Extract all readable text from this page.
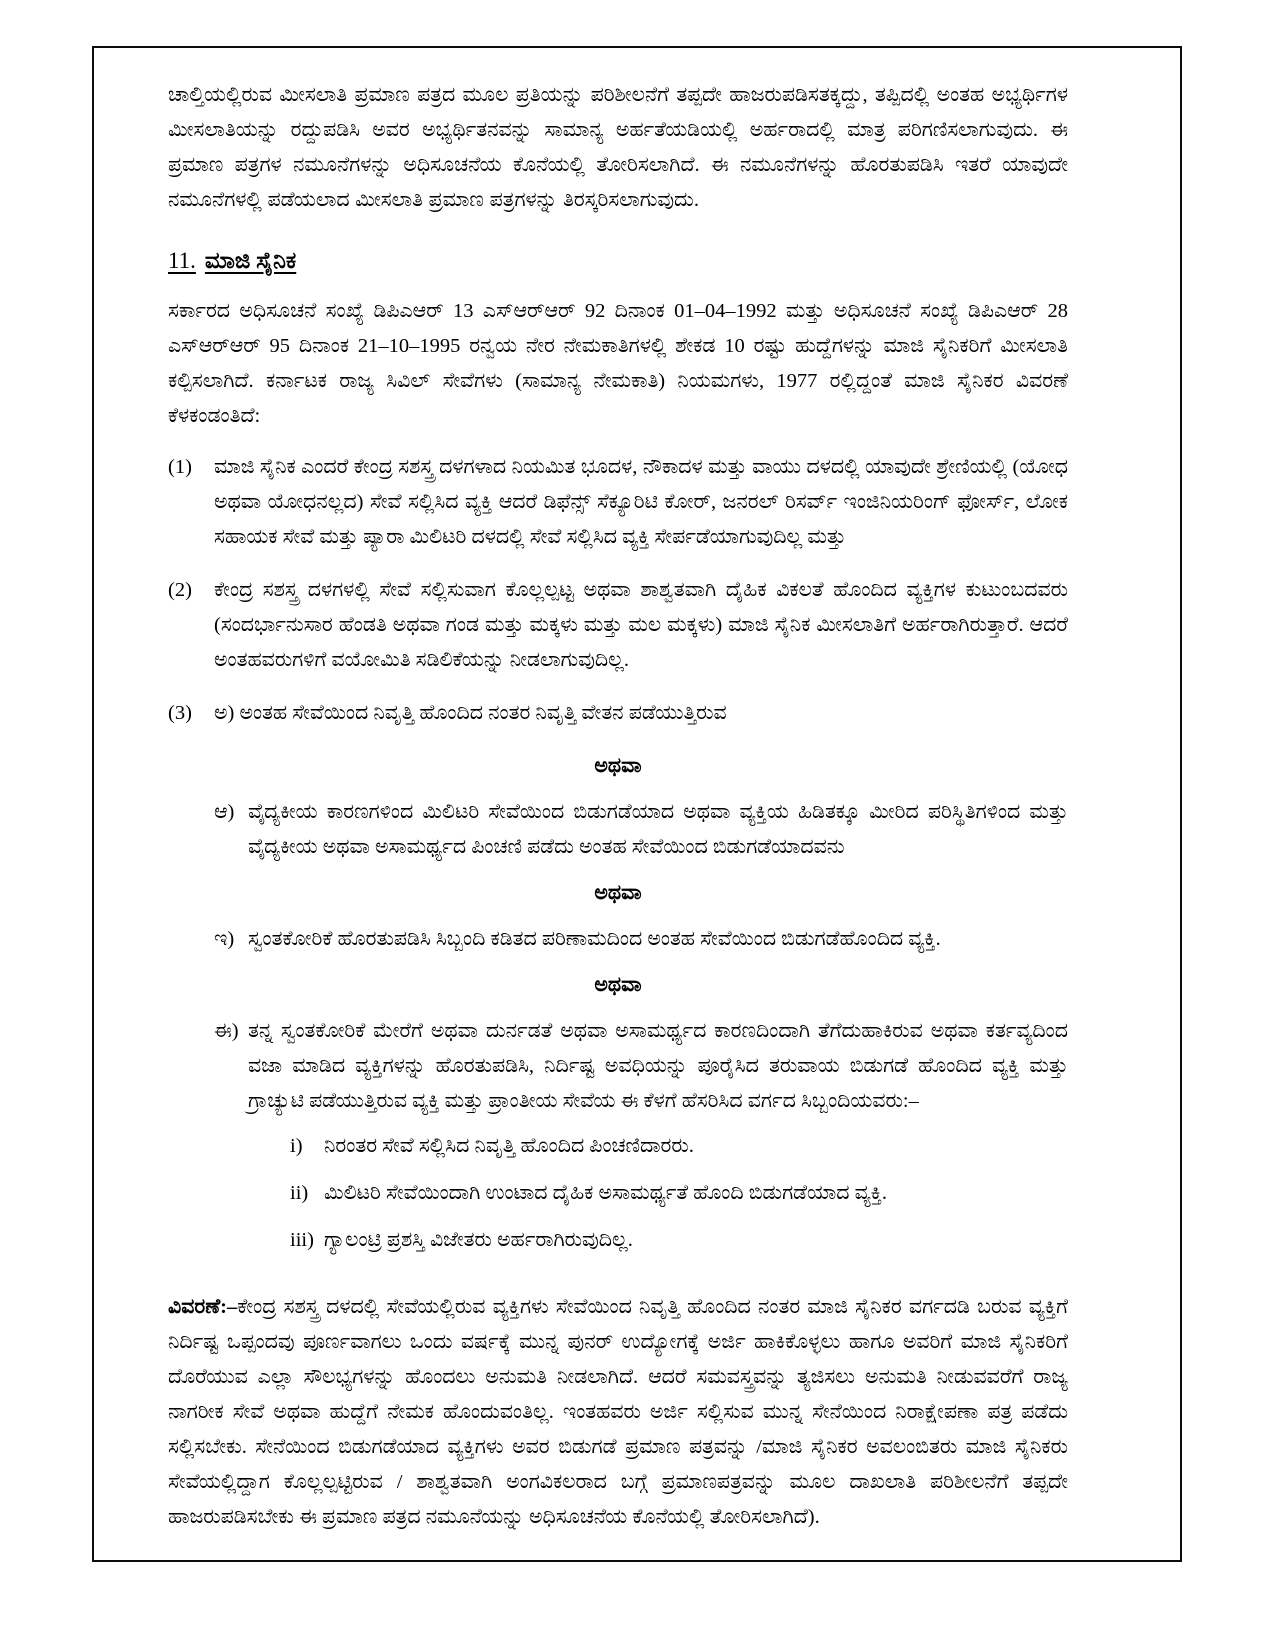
ಚಾಲ್ತಿಯಲ್ಲಿರುವ ಮೀಸಲಾತಿ ಪ್ರಮಾಣ ಪತ್ರದ ಮೂಲ ಪ್ರತಿಯನ್ನು ಪರಿಶೀಲನೆಗೆ ತಪ್ಪದೇ ಹಾಜರುಪಡಿಸತಕ್ಕದ್ದು, ತಪ್ಪಿದಲ್ಲಿ ಅಂತಹ ಅಭ್ಯರ್ಥಿಗಳ ಮೀಸಲಾತಿಯನ್ನು ರದ್ದುಪಡಿಸಿ ಅವರ ಅಭ್ಯರ್ಥಿತನವನ್ನು ಸಾಮಾನ್ಯ ಅರ್ಹತೆಯಡಿಯಲ್ಲಿ ಅರ್ಹರಾದಲ್ಲಿ ಮಾತ್ರ ಪರಿಗಣಿಸಲಾಗುವುದು. ಈ ಪ್ರಮಾಣ ಪತ್ರಗಳ ನಮೂನೆಗಳನ್ನು ಅಧಿಸೂಚನೆಯ ಕೊನೆಯಲ್ಲಿ ತೋರಿಸಲಾಗಿದೆ. ಈ ನಮೂನೆಗಳನ್ನು ಹೊರತುಪಡಿಸಿ ಇತರೆ ಯಾವುದೇ ನಮೂನೆಗಳಲ್ಲಿ ಪಡೆಯಲಾದ ಮೀಸಲಾತಿ ಪ್ರಮಾಣ ಪತ್ರಗಳನ್ನು ತಿರಸ್ಕರಿಸಲಾಗುವುದು.

11. ಮಾಜಿ ಸೈನಿಕ

ಸರ್ಕಾರದ ಅಧಿಸೂಚನೆ ಸಂಖ್ಯೆ ಡಿಪಿಎಆರ್ 13 ಎಸ್‌ಆರ್‌ಆರ್ 92 ದಿನಾಂಕ 01–04–1992 ಮತ್ತು ಅಧಿಸೂಚನೆ ಸಂಖ್ಯೆ ಡಿಪಿಎಆರ್ 28 ಎಸ್‌ಆರ್‌ಆರ್ 95 ದಿನಾಂಕ 21–10–1995 ರನ್ವಯ ನೇರ ನೇಮಕಾತಿಗಳಲ್ಲಿ ಶೇಕಡ 10 ರಷ್ಟು ಹುದ್ದೆಗಳನ್ನು ಮಾಜಿ ಸೈನಿಕರಿಗೆ ಮೀಸಲಾತಿ ಕಲ್ಪಿಸಲಾಗಿದೆ. ಕರ್ನಾಟಕ ರಾಜ್ಯ ಸಿವಿಲ್ ಸೇವೆಗಳು (ಸಾಮಾನ್ಯ ನೇಮಕಾತಿ) ನಿಯಮಗಳು, 1977 ರಲ್ಲಿದ್ದಂತೆ ಮಾಜಿ ಸೈನಿಕರ ವಿವರಣೆ ಕೆಳಕಂಡಂತಿದೆ:

(1)	ಮಾಜಿ ಸೈನಿಕ ಎಂದರೆ ಕೇಂದ್ರ ಸಶಸ್ತ್ರ ದಳಗಳಾದ ನಿಯಮಿತ ಭೂದಳ, ನೌಕಾದಳ ಮತ್ತು ವಾಯು ದಳದಲ್ಲಿ ಯಾವುದೇ ಶ್ರೇಣಿಯಲ್ಲಿ (ಯೋಧ ಅಥವಾ ಯೋಧನಲ್ಲದ) ಸೇವೆ ಸಲ್ಲಿಸಿದ ವ್ಯಕ್ತಿ ಆದರೆ ಡಿಫೆನ್ಸ್ ಸೆಕ್ಯೂರಿಟಿ ಕೋರ್, ಜನರಲ್ ರಿಸರ್ವ್ ಇಂಜಿನಿಯರಿಂಗ್ ಫೋರ್ಸ್, ಲೋಕ ಸಹಾಯಕ ಸೇವೆ ಮತ್ತು ಪ್ಯಾರಾ ಮಿಲಿಟರಿ ದಳದಲ್ಲಿ ಸೇವೆ ಸಲ್ಲಿಸಿದ ವ್ಯಕ್ತಿ ಸೇರ್ಪಡೆಯಾಗುವುದಿಲ್ಲ ಮತ್ತು
(2)	ಕೇಂದ್ರ ಸಶಸ್ತ್ರ ದಳಗಳಲ್ಲಿ ಸೇವೆ ಸಲ್ಲಿಸುವಾಗ ಕೊಲ್ಲಲ್ಪಟ್ಟ ಅಥವಾ ಶಾಶ್ವತವಾಗಿ ದೈಹಿಕ ವಿಕಲತೆ ಹೊಂದಿದ ವ್ಯಕ್ತಿಗಳ ಕುಟುಂಬದವರು (ಸಂದರ್ಭಾನುಸಾರ ಹೆಂಡತಿ ಅಥವಾ ಗಂಡ ಮತ್ತು ಮಕ್ಕಳು ಮತ್ತು ಮಲ ಮಕ್ಕಳು) ಮಾಜಿ ಸೈನಿಕ ಮೀಸಲಾತಿಗೆ ಅರ್ಹರಾಗಿರುತ್ತಾರೆ. ಆದರೆ ಅಂತಹವರುಗಳಿಗೆ ವಯೋಮಿತಿ ಸಡಿಲಿಕೆಯನ್ನು ನೀಡಲಾಗುವುದಿಲ್ಲ.
(3)	ಅ) ಅಂತಹ ಸೇವೆಯಿಂದ ನಿವೃತ್ತಿ ಹೊಂದಿದ ನಂತರ ನಿವೃತ್ತಿ ವೇತನ ಪಡೆಯುತ್ತಿರುವ
ಅಥವಾ
ಆ) ವೈದ್ಯಕೀಯ ಕಾರಣಗಳಿಂದ ಮಿಲಿಟರಿ ಸೇವೆಯಿಂದ ಬಿಡುಗಡೆಯಾದ ಅಥವಾ ವ್ಯಕ್ತಿಯ ಹಿಡಿತಕ್ಕೂ ಮೀರಿದ ಪರಿಸ್ಥಿತಿಗಳಿಂದ ಮತ್ತು ವೈದ್ಯಕೀಯ ಅಥವಾ ಅಸಾಮರ್ಥ್ಯದ ಪಿಂಚಣಿ ಪಡೆದು ಅಂತಹ ಸೇವೆಯಿಂದ ಬಿಡುಗಡೆಯಾದವನು
ಅಥವಾ
ಇ) ಸ್ವಂತಕೋರಿಕೆ ಹೊರತುಪಡಿಸಿ ಸಿಬ್ಬಂದಿ ಕಡಿತದ ಪರಿಣಾಮದಿಂದ ಅಂತಹ ಸೇವೆಯಿಂದ ಬಿಡುಗಡೆಹೊಂದಿದ ವ್ಯಕ್ತಿ.
ಅಥವಾ
ಈ) ತನ್ನ ಸ್ವಂತಕೋರಿಕೆ ಮೇರೆಗೆ ಅಥವಾ ದುರ್ನಡತೆ ಅಥವಾ ಅಸಾಮರ್ಥ್ಯದ ಕಾರಣದಿಂದಾಗಿ ತೆಗೆದುಹಾಕಿರುವ ಅಥವಾ ಕರ್ತವ್ಯದಿಂದ ವಜಾ ಮಾಡಿದ ವ್ಯಕ್ತಿಗಳನ್ನು ಹೊರತುಪಡಿಸಿ, ನಿರ್ದಿಷ್ಟ ಅವಧಿಯನ್ನು ಪೂರೈಸಿದ ತರುವಾಯ ಬಿಡುಗಡೆ ಹೊಂದಿದ ವ್ಯಕ್ತಿ ಮತ್ತು ಗ್ರಾಚ್ಯುಟಿ ಪಡೆಯುತ್ತಿರುವ ವ್ಯಕ್ತಿ ಮತ್ತು ಪ್ರಾಂತೀಯ ಸೇವೆಯ ಈ ಕೆಳಗೆ ಹೆಸರಿಸಿದ ವರ್ಗದ ಸಿಬ್ಬಂದಿಯವರು:–
i)	ನಿರಂತರ ಸೇವೆ ಸಲ್ಲಿಸಿದ ನಿವೃತ್ತಿ ಹೊಂದಿದ ಪಿಂಚಣಿದಾರರು.
ii) ಮಿಲಿಟರಿ ಸೇವೆಯಿಂದಾಗಿ ಉಂಟಾದ ದೈಹಿಕ ಅಸಾಮರ್ಥ್ಯತೆ ಹೊಂದಿ ಬಿಡುಗಡೆಯಾದ ವ್ಯಕ್ತಿ.
iii) ಗ್ಯಾಲಂಟ್ರಿ ಪ್ರಶಸ್ತಿ ವಿಜೇತರು ಅರ್ಹರಾಗಿರುವುದಿಲ್ಲ.

ವಿವರಣೆ:–ಕೇಂದ್ರ ಸಶಸ್ತ್ರ ದಳದಲ್ಲಿ ಸೇವೆಯಲ್ಲಿರುವ ವ್ಯಕ್ತಿಗಳು ಸೇವೆಯಿಂದ ನಿವೃತ್ತಿ ಹೊಂದಿದ ನಂತರ ಮಾಜಿ ಸೈನಿಕರ ವರ್ಗದಡಿ ಬರುವ ವ್ಯಕ್ತಿಗೆ ನಿರ್ದಿಷ್ಟ ಒಪ್ಪಂದವು ಪೂರ್ಣವಾಗಲು ಒಂದು ವರ್ಷಕ್ಕೆ ಮುನ್ನ ಪುನರ್ ಉದ್ಯೋಗಕ್ಕೆ ಅರ್ಜಿ ಹಾಕಿಕೊಳ್ಳಲು ಹಾಗೂ ಅವರಿಗೆ ಮಾಜಿ ಸೈನಿಕರಿಗೆ ದೊರೆಯುವ ಎಲ್ಲಾ ಸೌಲಭ್ಯಗಳನ್ನು ಹೊಂದಲು ಅನುಮತಿ ನೀಡಲಾಗಿದೆ. ಆದರೆ ಸಮವಸ್ತ್ರವನ್ನು ತ್ಯಜಿಸಲು ಅನುಮತಿ ನೀಡುವವರೆಗೆ ರಾಜ್ಯ ನಾಗರೀಕ ಸೇವೆ ಅಥವಾ ಹುದ್ದೆಗೆ ನೇಮಕ ಹೊಂದುವಂತಿಲ್ಲ. ಇಂತಹವರು ಅರ್ಜಿ ಸಲ್ಲಿಸುವ ಮುನ್ನ ಸೇನೆಯಿಂದ ನಿರಾಕ್ಷೇಪಣಾ ಪತ್ರ ಪಡೆದು ಸಲ್ಲಿಸಬೇಕು. ಸೇನೆಯಿಂದ ಬಿಡುಗಡೆಯಾದ ವ್ಯಕ್ತಿಗಳು ಅವರ ಬಿಡುಗಡೆ ಪ್ರಮಾಣ ಪತ್ರವನ್ನು /ಮಾಜಿ ಸೈನಿಕರ ಅವಲಂಬಿತರು ಮಾಜಿ ಸೈನಿಕರು ಸೇವೆಯಲ್ಲಿದ್ದಾಗ ಕೊಲ್ಲಲ್ಪಟ್ಟಿರುವ / ಶಾಶ್ವತವಾಗಿ ಅಂಗವಿಕಲರಾದ ಬಗ್ಗೆ ಪ್ರಮಾಣಪತ್ರವನ್ನು ಮೂಲ ದಾಖಲಾತಿ ಪರಿಶೀಲನೆಗೆ ತಪ್ಪದೇ ಹಾಜರುಪಡಿಸಬೇಕು ಈ ಪ್ರಮಾಣ ಪತ್ರದ ನಮೂನೆಯನ್ನು ಅಧಿಸೂಚನೆಯ ಕೊನೆಯಲ್ಲಿ ತೋರಿಸಲಾಗಿದೆ).
